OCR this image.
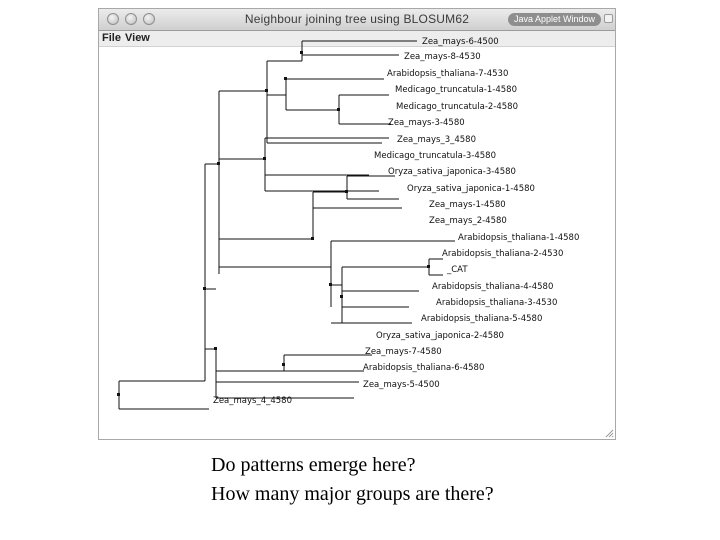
Neighbour joining tree using BLOSUM62	Java Applet Window
File View	Zea_mays-6-4500
Zea_mays-8-4530
Arabidopsis_thaliana-7-4530
Medicago_truncatula-1-4580
Medicago_truncatula-2-4580
Zea_mays-3-4580
Zea_mays_3_4580
Medicago_truncatula-3-4580
Oryza_sativa_japonica-3-4580
Oryza_sativa_japonica-1-4580
Zea_mays-1-4580
Zea_mays_2-4580
Arabidopsis_thaliana-1-4580
Arabidopsis_thaliana-2-4530
_CAT
Arabidopsis_thaliana-4-4580
Arabidopsis_thaliana-3-4530
Arabidopsis_thaliana-5-4580
Oryza_sativa_japonica-2-4580
Zea_mays-7-4580
Arabidopsis_thaliana-6-4580
Zea_mays-5-4500
Zea_mays_4_4580
Do patterns emerge here?
How many major groups are there?
